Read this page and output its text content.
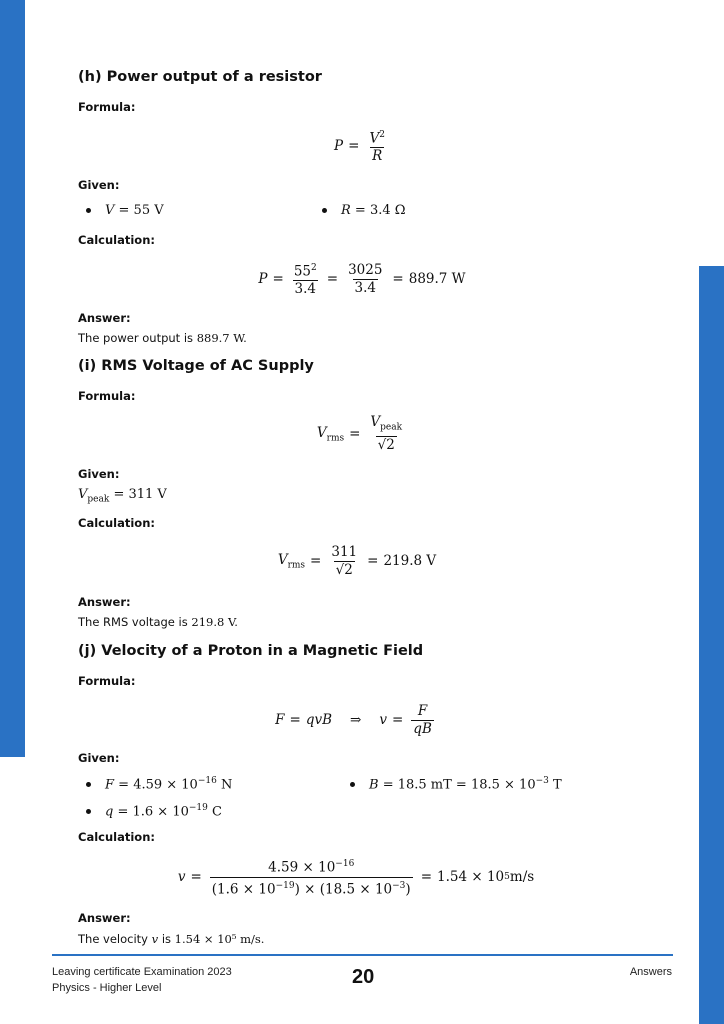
(h) Power output of a resistor
Formula:
$P = \frac{V^2}{R}$
Given:
V = 55 V	R = 3.4 Ω
Calculation:
$P = \frac{55^2}{3.4} = \frac{3025}{3.4} = 889.7$ W
Answer:
The power output is 889.7 W.
(i) RMS Voltage of AC Supply
Formula:
$V_{rms} = \frac{V_{peak}}{√2}$
Given:
$V_{peak} = 311$ V
Calculation:
$V_{rms} = \frac{311}{√2} = 219.8$ V
Answer:
The RMS voltage is 219.8 V.
(j) Velocity of a Proton in a Magnetic Field
Formula:
F = qvB ⇒ $v = \frac{F}{qB}$
Given:
$F = 4.59 \times 10^{-16}$ N	B = 18.5 mT = $18.5 \times 10^{-3}$ T
$q = 1.6 \times 10^{-19}$ C
Calculation:
$v = \frac{4.59 \times 10^{-16}}{(1.6 \times 10^{-19}) \times (18.5 \times 10^{-3})} = 1.54 \times 10$ 5 m/s
Answer:
The velocity v is 1.54 × 10⁵ m/s.
Leaving certificate Examination 2023
Physics - Higher Level	20	Answers
